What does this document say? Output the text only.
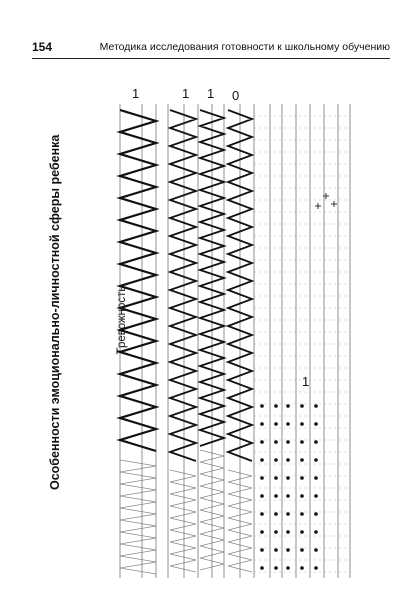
154	Методика исследования готовности к школьному обучению
Особенности эмоционально-личностной сферы ребенка	Тревожность
1	1 1 0
1
